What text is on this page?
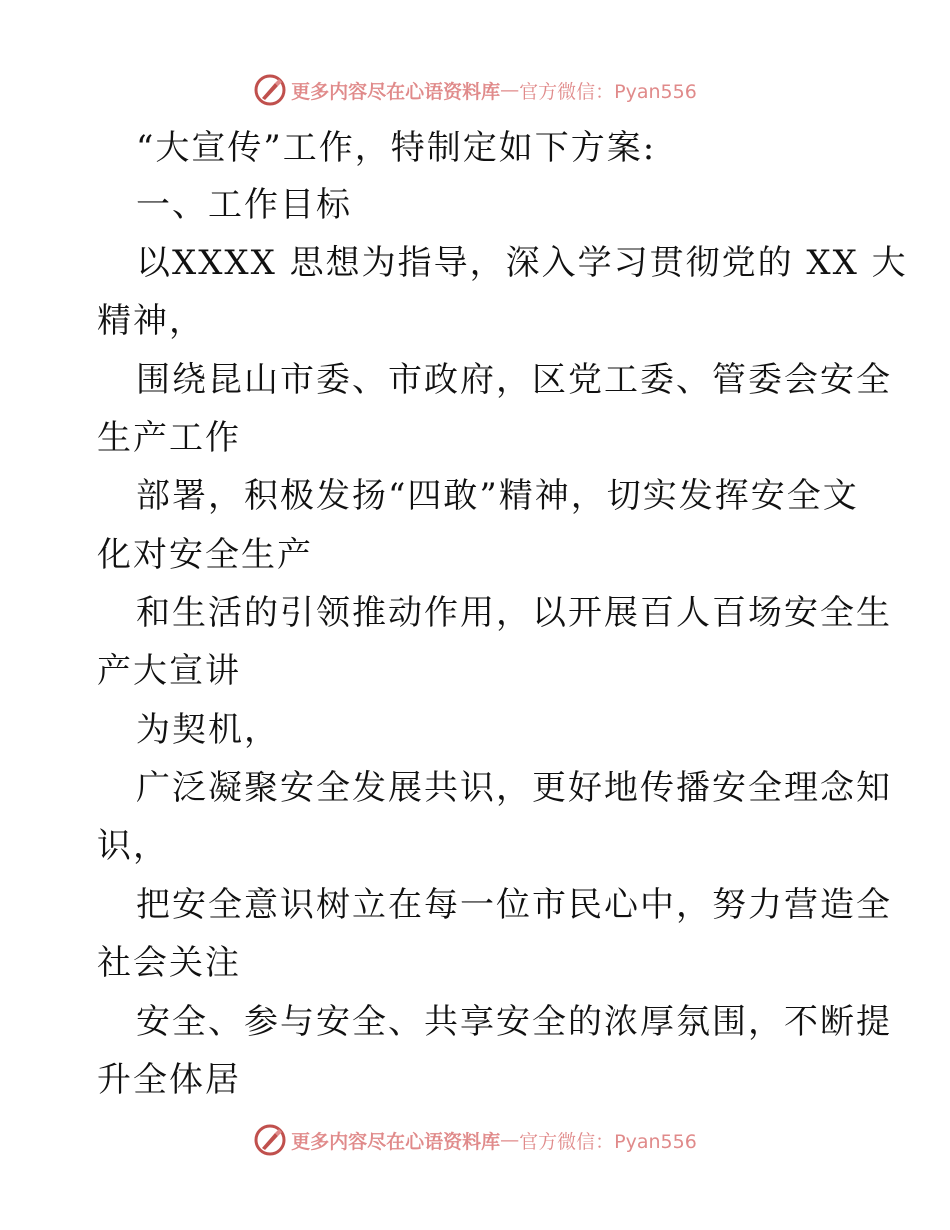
更多内容尽在心语资料库 — 官方微信：Pyan556
“大宣传”工作，特制定如下方案:
一、工作目标
以XXXX 思想为指导，深入学习贯彻党的 XX 大
精神，
围绕昆山市委、市政府，区党工委、管委会安全
生产工作
部署，积极发扬“四敢”精神，切实发挥安全文
化对安全生产
和生活的引领推动作用，以开展百人百场安全生
产大宣讲
为契机，
广泛凝聚安全发展共识，更好地传播安全理念知
识，
把安全意识树立在每一位市民心中，努力营造全
社会关注
安全、参与安全、共享安全的浓厚氛围，不断提
升全体居
更多内容尽在心语资料库 — 官方微信：Pyan556
